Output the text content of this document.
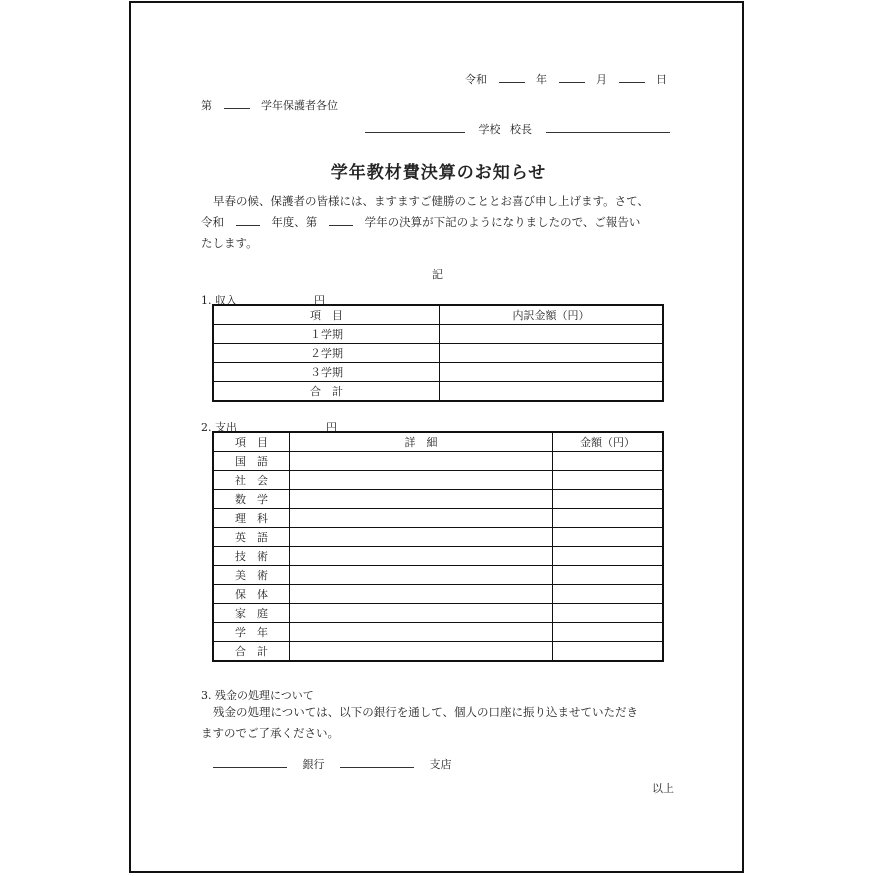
令和	年	月	日
第	学年保護者各位
学校 校長
学年教材費決算のお知らせ
早春の候、保護者の皆様には、ますますご健勝のこととお喜び申し上げます。さて、
令和	年度、第	学年の決算が下記のようになりましたので、ご報告い
たします。
記
1. 収入	円
項　目	内訳金額（円）
１学期	
２学期	
３学期	
合　計	
2. 支出	円
項　目	詳　細	金額（円）
国　語		
社　会		
数　学		
理　科		
英　語		
技　術		
美　術		
保　体		
家　庭		
学　年		
合　計		
3. 残金の処理について
残金の処理については、以下の銀行を通して、個人の口座に振り込ませていただき
ますのでご了承ください。
銀行	支店
以上
